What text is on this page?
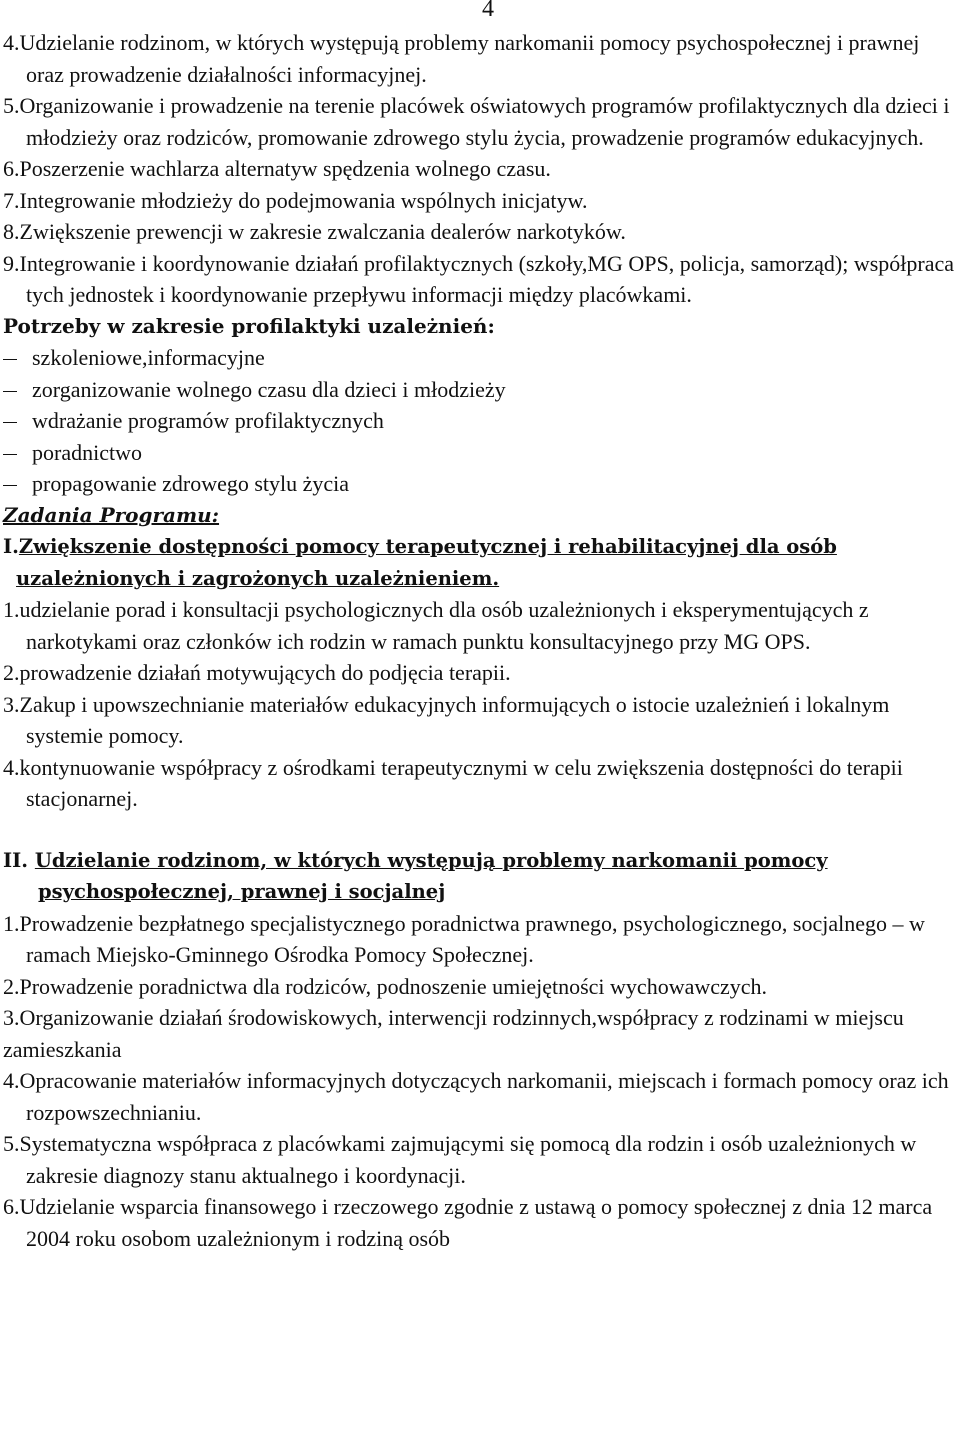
4

4.Udzielanie rodzinom, w których występują problemy narkomanii pomocy psychospołecznej i prawnej oraz prowadzenie działalności informacyjnej.

5.Organizowanie i prowadzenie na terenie placówek oświatowych programów profilaktycznych dla dzieci i młodzieży oraz rodziców, promowanie zdrowego stylu życia, prowadzenie programów edukacyjnych.

6.Poszerzenie wachlarza alternatyw spędzenia wolnego czasu.

7.Integrowanie młodzieży do podejmowania wspólnych inicjatyw.

8.Zwiększenie prewencji w zakresie zwalczania dealerów narkotyków.

9.Integrowanie i koordynowanie działań profilaktycznych (szkoły,MG OPS, policja, samorząd); współpraca tych jednostek i koordynowanie przepływu informacji między placówkami.

Potrzeby w zakresie profilaktyki uzależnień:

szkoleniowe,informacyjne

zorganizowanie wolnego czasu dla dzieci i młodzieży

wdrażanie programów profilaktycznych

poradnictwo

propagowanie zdrowego stylu życia

Zadania Programu:

I.Zwiększenie dostępności pomocy terapeutycznej i rehabilitacyjnej dla osób uzależnionych i zagrożonych uzależnieniem.

1.udzielanie porad i konsultacji psychologicznych dla osób uzależnionych i eksperymentujących z narkotykami oraz członków ich rodzin w ramach punktu konsultacyjnego przy MG OPS.

2.prowadzenie działań motywujących do podjęcia terapii.

3.Zakup i upowszechnianie materiałów edukacyjnych informujących o istocie uzależnień i lokalnym systemie pomocy.

4.kontynuowanie współpracy z ośrodkami terapeutycznymi w celu zwiększenia dostępności do terapii stacjonarnej.

II. Udzielanie rodzinom, w których występują problemy narkomanii pomocy psychospołecznej, prawnej i socjalnej

1.Prowadzenie bezpłatnego specjalistycznego poradnictwa prawnego, psychologicznego, socjalnego – w ramach Miejsko-Gminnego Ośrodka Pomocy Społecznej.

2.Prowadzenie poradnictwa dla rodziców, podnoszenie umiejętności wychowawczych.

3.Organizowanie działań środowiskowych, interwencji rodzinnych,współpracy z rodzinami w miejscu zamieszkania

4.Opracowanie materiałów informacyjnych dotyczących narkomanii, miejscach i formach pomocy oraz ich rozpowszechnianiu.

5.Systematyczna współpraca z placówkami zajmującymi się pomocą dla rodzin i osób uzależnionych w zakresie diagnozy stanu aktualnego i koordynacji.

6.Udzielanie wsparcia finansowego i rzeczowego zgodnie z ustawą o pomocy społecznej z dnia 12 marca 2004 roku osobom uzależnionym i rodziną osób
